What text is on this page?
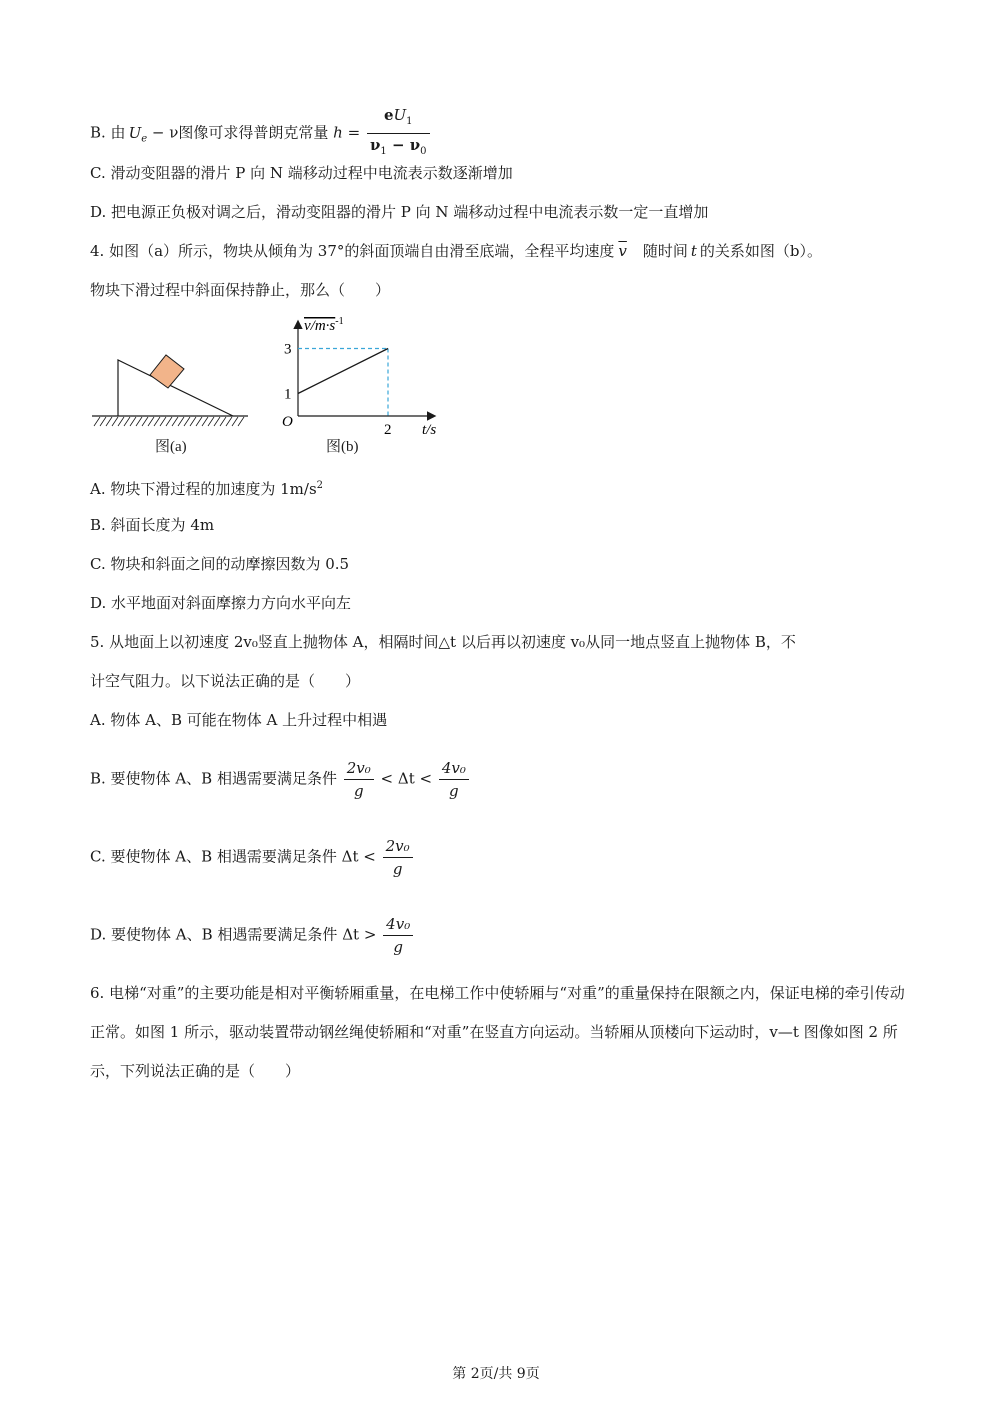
B. 由 $U_e - \nu$图像可求得普朗克常量 $h = \frac{eU_1}{\nu_1 - \nu_0}$
C. 滑动变阻器的滑片 P 向 N 端移动过程中电流表示数逐渐增加
D. 把电源正负极对调之后，滑动变阻器的滑片 P 向 N 端移动过程中电流表示数一定一直增加
4. 如图（a）所示，物块从倾角为 37°的斜面顶端自由滑至底端，全程平均速度 $\overline{v}$ 随时间 t 的关系如图（b）。
物块下滑过程中斜面保持静止，那么（　　）
图(a)
1
3
2
$v/m\cdot s^{-1}$
t/s
O
图(b)
A. 物块下滑过程的加速度为 $1m/s^2$
B. 斜面长度为 4m
C. 物块和斜面之间的动摩擦因数为 0.5
D. 水平地面对斜面摩擦力方向水平向左
5. 从地面上以初速度 2v₀竖直上抛物体 A，相隔时间△t 以后再以初速度 v₀从同一地点竖直上抛物体 B，不
计空气阻力。以下说法正确的是（　　）
A. 物体 A、B 可能在物体 A 上升过程中相遇
B. 要使物体 A、B 相遇需要满足条件 $\frac{\text{2v₀}}{g} < \Delta t < \frac{\text{4v₀}}{g}$
C. 要使物体 A、B 相遇需要满足条件 $\Delta t < \frac{\text{2v₀}}{g}$
D. 要使物体 A、B 相遇需要满足条件 $\Delta t > \frac{\text{4v₀}}{g}$
6. 电梯“对重”的主要功能是相对平衡轿厢重量，在电梯工作中使轿厢与“对重”的重量保持在限额之内，保证电梯的牵引传动正常。如图 1 所示，驱动装置带动钢丝绳使轿厢和“对重”在竖直方向运动。当轿厢从顶楼向下运动时，v—t 图像如图 2 所示，下列说法正确的是（　　）
第 2页/共 9页
